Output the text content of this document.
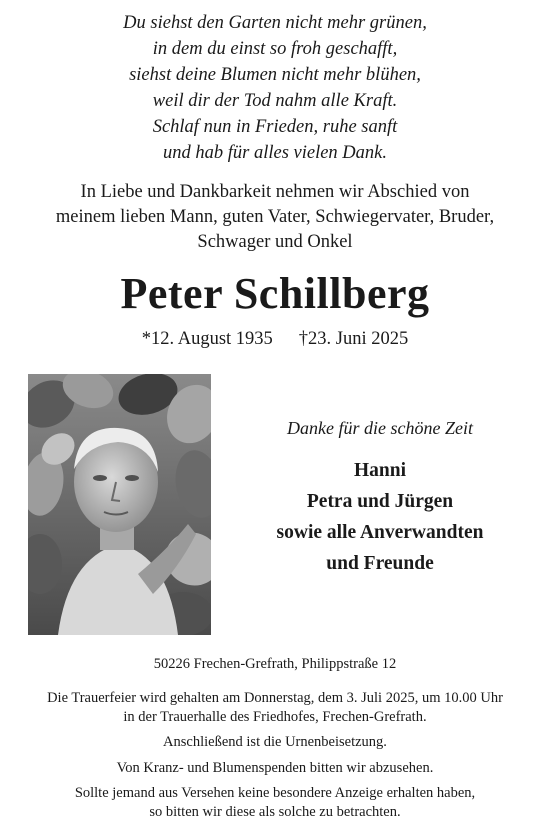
Du siehst den Garten nicht mehr grünen,
in dem du einst so froh geschafft,
siehst deine Blumen nicht mehr blühen,
weil dir der Tod nahm alle Kraft.
Schlaf nun in Frieden, ruhe sanft
und hab für alles vielen Dank.
In Liebe und Dankbarkeit nehmen wir Abschied von
meinem lieben Mann, guten Vater, Schwiegervater, Bruder,
Schwager und Onkel
Peter Schillberg
*12. August 1935 †23. Juni 2025
Danke für die schöne Zeit
Hanni
Petra und Jürgen
sowie alle Anverwandten
und Freunde
50226 Frechen-Grefrath, Philippstraße 12
Die Trauerfeier wird gehalten am Donnerstag, dem 3. Juli 2025, um 10.00 Uhr
in der Trauerhalle des Friedhofes, Frechen-Grefrath.
Anschließend ist die Urnenbeisetzung.
Von Kranz- und Blumenspenden bitten wir abzusehen.
Sollte jemand aus Versehen keine besondere Anzeige erhalten haben,
so bitten wir diese als solche zu betrachten.
